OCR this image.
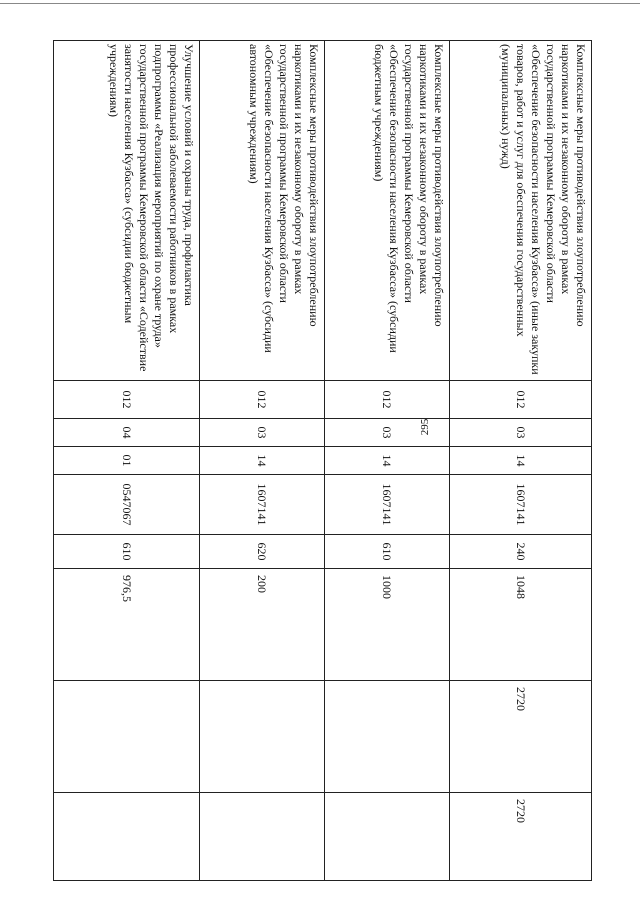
295
Комплексные меры противодействия злоупотреблению наркотиками и их незаконному обороту в рамках государственной программы Кемеровской области «Обеспечение безопасности населения Кузбасса» (иные закупки товаров, работ и услуг для обеспечения государственных (муниципальных) нужд)	012	03	14	1607141	240	1048	2720	2720
Комплексные меры противодействия злоупотреблению наркотиками и их незаконному обороту в рамках государственной программы Кемеровской области «Обеспечение безопасности населения Кузбасса» (субсидии бюджетным учреждениям)	012	03	14	1607141	610	1000		
Комплексные меры противодействия злоупотреблению наркотиками и их незаконному обороту в рамках государственной программы Кемеровской области «Обеспечение безопасности населения Кузбасса» (субсидии автономным учреждениям)	012	03	14	1607141	620	200		
Улучшение условий и охраны труда, профилактика профессиональной заболеваемости работников в рамках подпрограммы «Реализация мероприятий по охране труда» государственной программы Кемеровской области «Содействие занятости населения Кузбасса» (субсидии бюджетным учреждениям)	012	04	01	0547067	610	976,5		
